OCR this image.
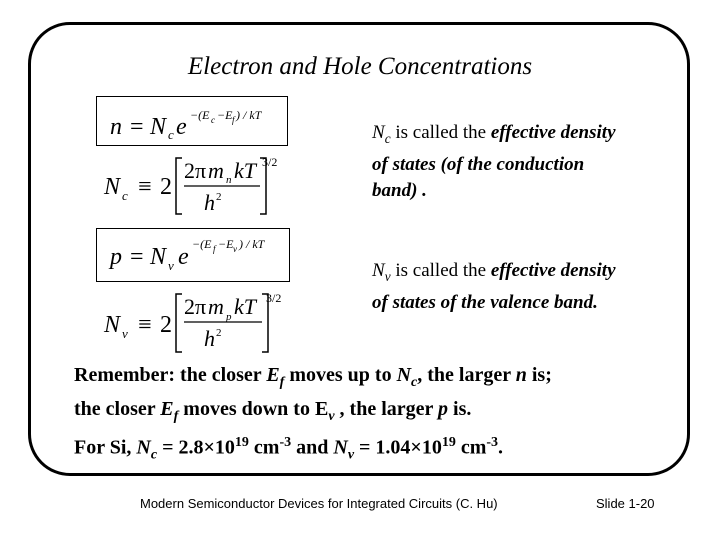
Electron and Hole Concentrations
n = N c e −(E c −E f ) / kT
N c ≡ 2
2π m n kT
h 2
3/2
p = N v e −(E f −E v ) / kT
N v ≡ 2
2π m p kT
h 2
3/2
$N_c$ is called the effective density of states (of the conduction band) .
$N_v$ is called the effective density of states of the valence band.
Remember: the closer $E_f$ moves up to $N_c$, the larger n is;
the closer $E_f$ moves down to $E_v$ , the larger p is.
For Si, $N_c = 2.8\times 10^{19}$ $cm^{-3}$ and $N_v = 1.04\times 10^{19}$ $cm^{-3}$.
Modern Semiconductor Devices for Integrated Circuits (C. Hu)	Slide 1-20
